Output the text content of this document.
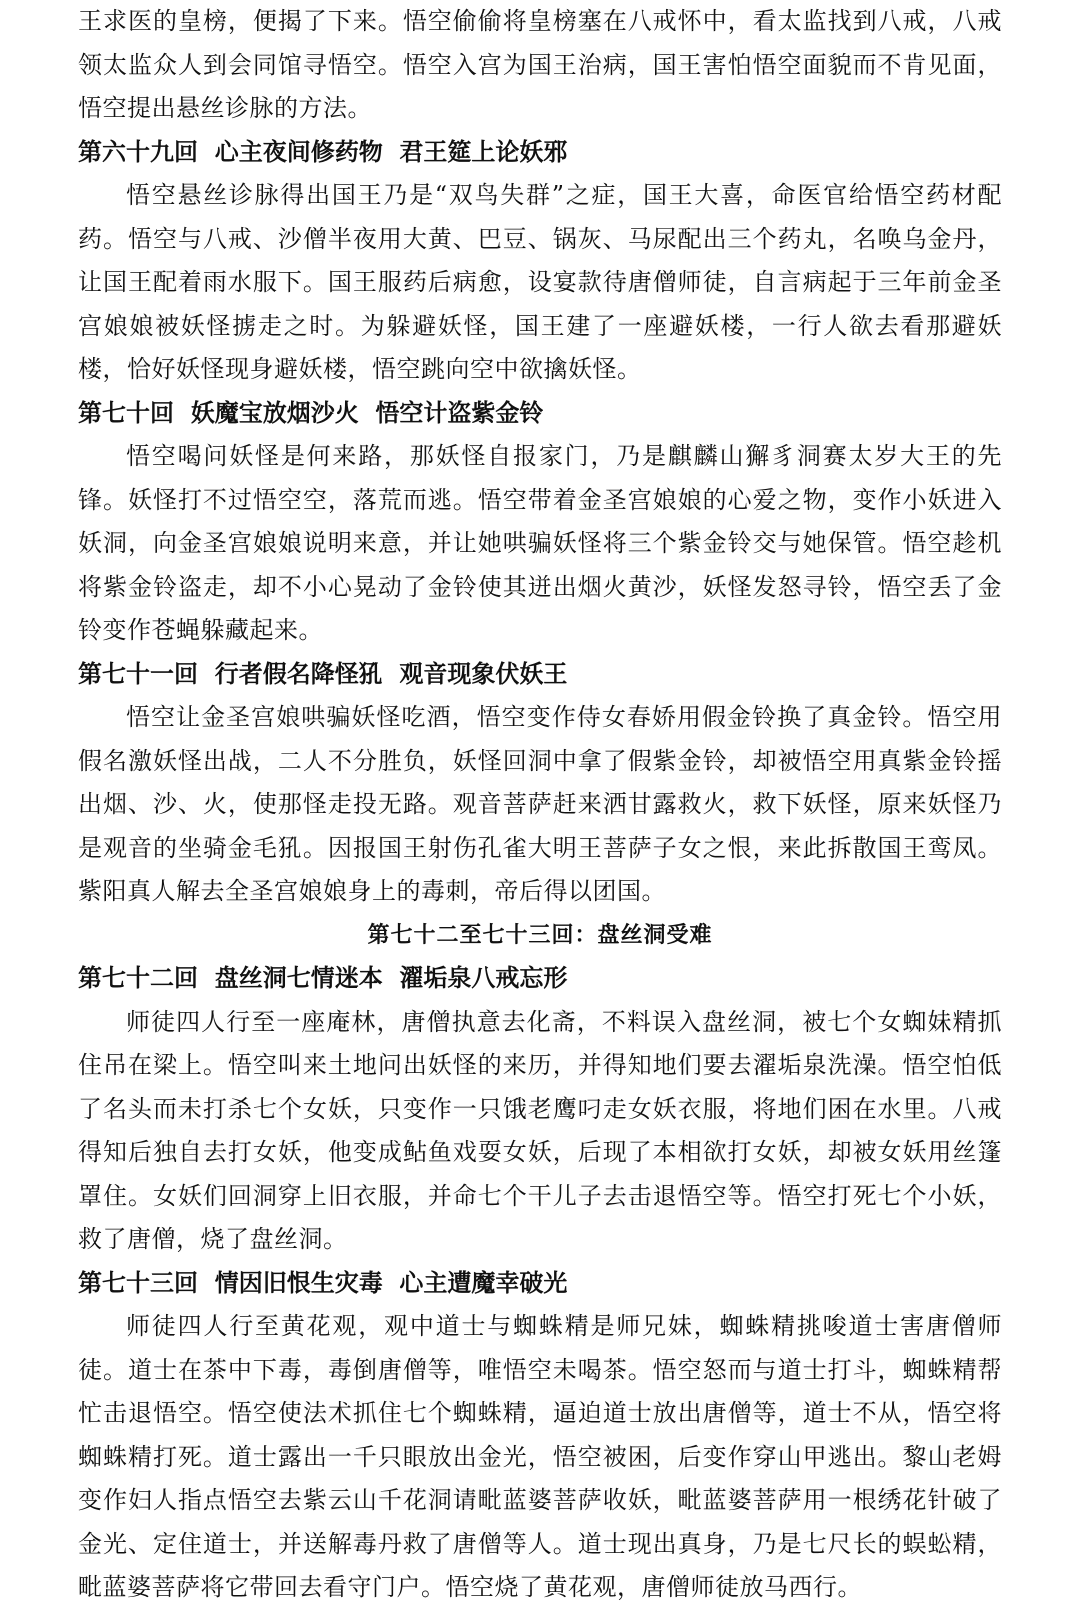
王求医的皇榜，便揭了下来。悟空偷偷将皇榜塞在八戒怀中，看太监找到八戒，八戒领太监众人到会同馆寻悟空。悟空入宫为国王治病，国王害怕悟空面貌而不肯见面，悟空提出悬丝诊脉的方法。

第六十九回  心主夜间修药物  君王筵上论妖邪

悟空悬丝诊脉得出国王乃是“双鸟失群”之症，国王大喜，命医官给悟空药材配药。悟空与八戒、沙僧半夜用大黄、巴豆、锅灰、马尿配出三个药丸，名唤乌金丹，让国王配着雨水服下。国王服药后病愈，设宴款待唐僧师徒，自言病起于三年前金圣宫娘娘被妖怪掳走之时。为躲避妖怪，国王建了一座避妖楼，一行人欲去看那避妖楼，恰好妖怪现身避妖楼，悟空跳向空中欲擒妖怪。

第七十回  妖魔宝放烟沙火  悟空计盗紫金铃

悟空喝问妖怪是何来路，那妖怪自报家门，乃是麒麟山獬豸洞赛太岁大王的先锋。妖怪打不过悟空空，落荒而逃。悟空带着金圣宫娘娘的心爱之物，变作小妖进入妖洞，向金圣宫娘娘说明来意，并让她哄骗妖怪将三个紫金铃交与她保管。悟空趁机将紫金铃盗走，却不小心晃动了金铃使其迸出烟火黄沙，妖怪发怒寻铃，悟空丢了金铃变作苍蝇躲藏起来。

第七十一回  行者假名降怪犼  观音现象伏妖王

悟空让金圣宫娘哄骗妖怪吃酒，悟空变作侍女春娇用假金铃换了真金铃。悟空用假名激妖怪出战，二人不分胜负，妖怪回洞中拿了假紫金铃，却被悟空用真紫金铃摇出烟、沙、火，使那怪走投无路。观音菩萨赶来洒甘露救火，救下妖怪，原来妖怪乃是观音的坐骑金毛犼。因报国王射伤孔雀大明王菩萨子女之恨，来此拆散国王鸾凤。紫阳真人解去全圣宫娘娘身上的毒刺，帝后得以团国。

第七十二至七十三回：盘丝洞受难

第七十二回  盘丝洞七情迷本  濯垢泉八戒忘形

师徒四人行至一座庵林，唐僧执意去化斋，不料误入盘丝洞，被七个女蜘妹精抓住吊在梁上。悟空叫来土地问出妖怪的来历，并得知地们要去濯垢泉洗澡。悟空怕低了名头而未打杀七个女妖，只变作一只饿老鹰叼走女妖衣服，将地们困在水里。八戒得知后独自去打女妖，他变成鲇鱼戏耍女妖，后现了本相欲打女妖，却被女妖用丝篷罩住。女妖们回洞穿上旧衣服，并命七个干儿子去击退悟空等。悟空打死七个小妖，救了唐僧，烧了盘丝洞。

第七十三回  情因旧恨生灾毒  心主遭魔幸破光

师徒四人行至黄花观，观中道士与蜘蛛精是师兄妹，蜘蛛精挑唆道士害唐僧师徒。道士在茶中下毒，毒倒唐僧等，唯悟空未喝茶。悟空怒而与道士打斗，蜘蛛精帮忙击退悟空。悟空使法术抓住七个蜘蛛精，逼迫道士放出唐僧等，道士不从，悟空将蜘蛛精打死。道士露出一千只眼放出金光，悟空被困，后变作穿山甲逃出。黎山老姆变作妇人指点悟空去紫云山千花洞请毗蓝婆菩萨收妖，毗蓝婆菩萨用一根绣花针破了金光、定住道士，并送解毒丹救了唐僧等人。道士现出真身，乃是七尺长的蜈蚣精，毗蓝婆菩萨将它带回去看守门户。悟空烧了黄花观，唐僧师徒放马西行。
